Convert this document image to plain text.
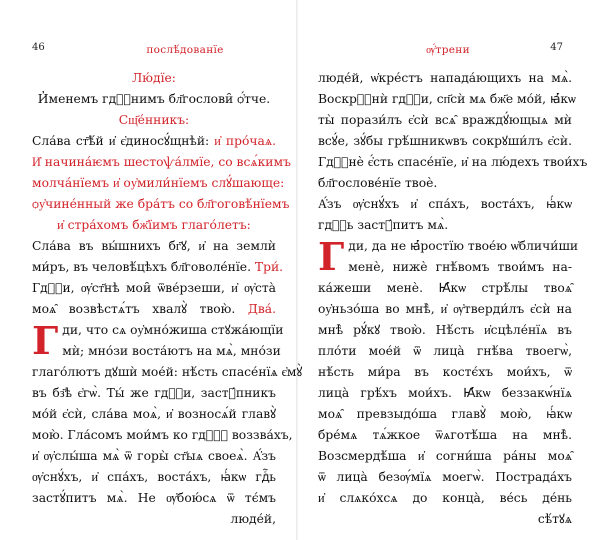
46	послѣ́дованїе
Лю́дїе:
И̓менемъ гдⷭ҇нимъ бл҃гослови̑ ѻ҆́тче.
Сщ҃е́нникъ:
Сла́ва ст҃ѣ́й и҆ є҆диносꙋ́щнѣй: и҆ про́чаѧ.
И҆ начина́ѥмъ шестоѱа́лмїе, со всѧ́кимъ
молча́нїемъ и҆ оу҆мили́нїемъ слꙋ́шающе:
ѻу҆чине́нный же бра́тъ со бл҃гоговѣ́нїемъ
и҆ стра́хомъ бж҃їимъ глаго́летъ:
Сла́ва въ вы́шнихъ бг҃ꙋ, и҆ на землѝ
ми́ръ, въ человѣ́цѣхъ бл҃говоле́нїе. Три́.
Гдⷭ҇и, ѹ҆ст҃нѣ мои̑ ѿве́рзеши, и҆ ѹ҆ста̀
моѧ̑ возвѣстѧ́тъ хвалꙋ̀ твою̀. Два́.
Г ди, что сѧ оу҆мно́жиша стꙋжа́ющїи
мѝ; мно́зи воста́ютъ на мѧ̀, мно́зи
глаго́лютъ дꙋшѝ мое́й: нѣ́сть спасе́нїѧ є҆мꙋ̀
въ бз҃ѣ є҆гѡ̀. Ты́ же гдⷭ҇и, застꙋ́пникъ
мо́й є҆сѝ, сла́ва моѧ̀, и҆ возносѧ́й главꙋ̀
мою̀. Гла́сомъ мои́мъ ко гдⷭ҇ꙋ воззва́хъ,
и҆ ѹ҆слы́ша мѧ̀ ѿ горы̀ ст҃ыѧ своеѧ̀. А҆́зъ
ѹ҆снꙋ́хъ, и҆ спа́хъ, воста́хъ, ꙗ҆́кѡ гдⷭ҇ь
застꙋ́питъ мѧ̀. Не ѹ҆бою́сѧ ѿ тє́мъ
люде́й,
47
ѹ҆́трени
люде́й, ѡ҆кре́стъ напада́ющихъ на мѧ̀.
Воскрⷭ҇нѝ гдⷭ҇и, сп҃сѝ мѧ бж҃е мо́й, ꙗ҆́кѡ
ты̀ порази́лъ є҆сѝ всѧ̑ враждꙋ́ющыѧ мѝ
всꙋ́е, зꙋ́бы грѣ́шникѡвъ сокрꙋши́лъ є҆сѝ.
Гдⷭ҇нѐ є҆́сть спасе́нїе, и҆ на лю́дехъ твои́хъ
бл҃гослове́нїе твоѐ.
А҆́зъ ѹ҆снꙋ́хъ и҆ спа́хъ, воста́хъ, ꙗ҆́кѡ
гдⷭ҇ь застꙋ́питъ мѧ̀.
Г ди, да не ꙗ҆́ростїю твое́ю ѡ҆бличи́ши
менѐ, нижѐ гнѣ́вомъ твои́мъ на-
ка́жеши менѐ. Ꙗ҆́кѡ стрѣ́лы твоѧ̑
оу҆ньзо́ша во мнѣ̀, и҆ ѹ҆тверди́лъ є҆сѝ на
мнѣ̀ рꙋ́кꙋ твою̀. Нѣ́сть и҆сцѣле́нїѧ въ
пло́ти мое́й ѿ лица̀ гнѣ́ва твоегѡ̀,
нѣ́сть ми́ра въ костє́хъ мои́хъ, ѿ
лица̀ грѣ́хъ мои́хъ. Ꙗ҆́кѡ беззакѡ́нїѧ
моѧ̑ превзыдо́ша главꙋ̀ мою̀, ꙗ҆́кѡ
бре́мѧ тѧ́жкое ѿѧготѣ́ша на мнѣ̀.
Возсмердѣ́ша и҆ согни́ша ра́ны моѧ̑
ѿ лица̀ безѹ́мїѧ моегѡ̀. Пострада́хъ
и҆ слѧко́хсѧ до конца̀, ве́сь де́нь
сѣ́тꙋѧ
